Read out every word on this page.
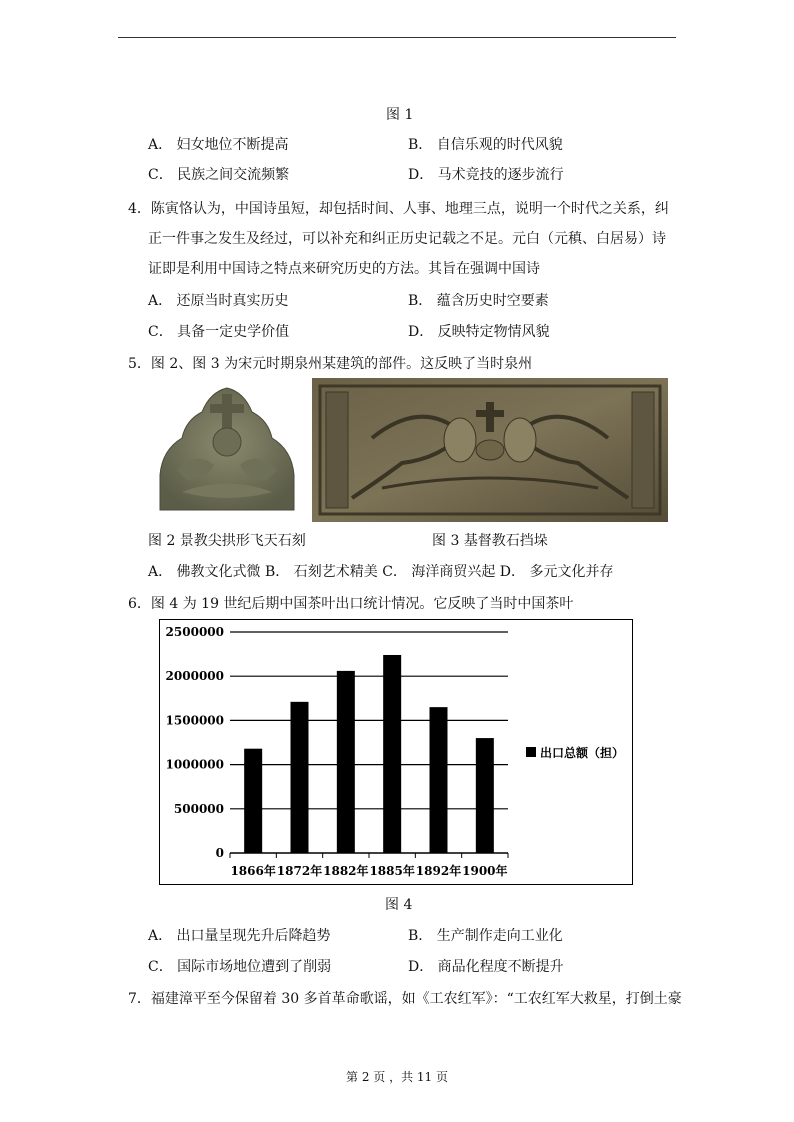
图 1
A． 妇女地位不断提高	B． 自信乐观的时代风貌
C． 民族之间交流频繁	D． 马术竞技的逐步流行
4．陈寅恪认为，中国诗虽短，却包括时间、人事、地理三点，说明一个时代之关系，纠
正一件事之发生及经过，可以补充和纠正历史记载之不足。元白（元稹、白居易）诗
证即是利用中国诗之特点来研究历史的方法。其旨在强调中国诗
A． 还原当时真实历史	B． 蕴含历史时空要素
C． 具备一定史学价值	D． 反映特定物情风貌
5．图 2、图 3 为宋元时期泉州某建筑的部件。这反映了当时泉州
图 2 景教尖拱形飞天石刻	图 3 基督教石挡垛
A． 佛教文化式微 B． 石刻艺术精美 C． 海洋商贸兴起 D． 多元文化并存
6．图 4 为 19 世纪后期中国茶叶出口统计情况。它反映了当时中国茶叶
0
500000
1000000
1500000
2000000
2500000
1866年 1872年 1882年 1885年 1892年 1900年
出口总额（担）
图 4
A． 出口量呈现先升后降趋势	B． 生产制作走向工业化
C． 国际市场地位遭到了削弱	D． 商品化程度不断提升
7．福建漳平至今保留着 30 多首革命歌谣，如《工农红军》：“工农红军大救星，打倒土豪
第 2 页 ，共 11 页
